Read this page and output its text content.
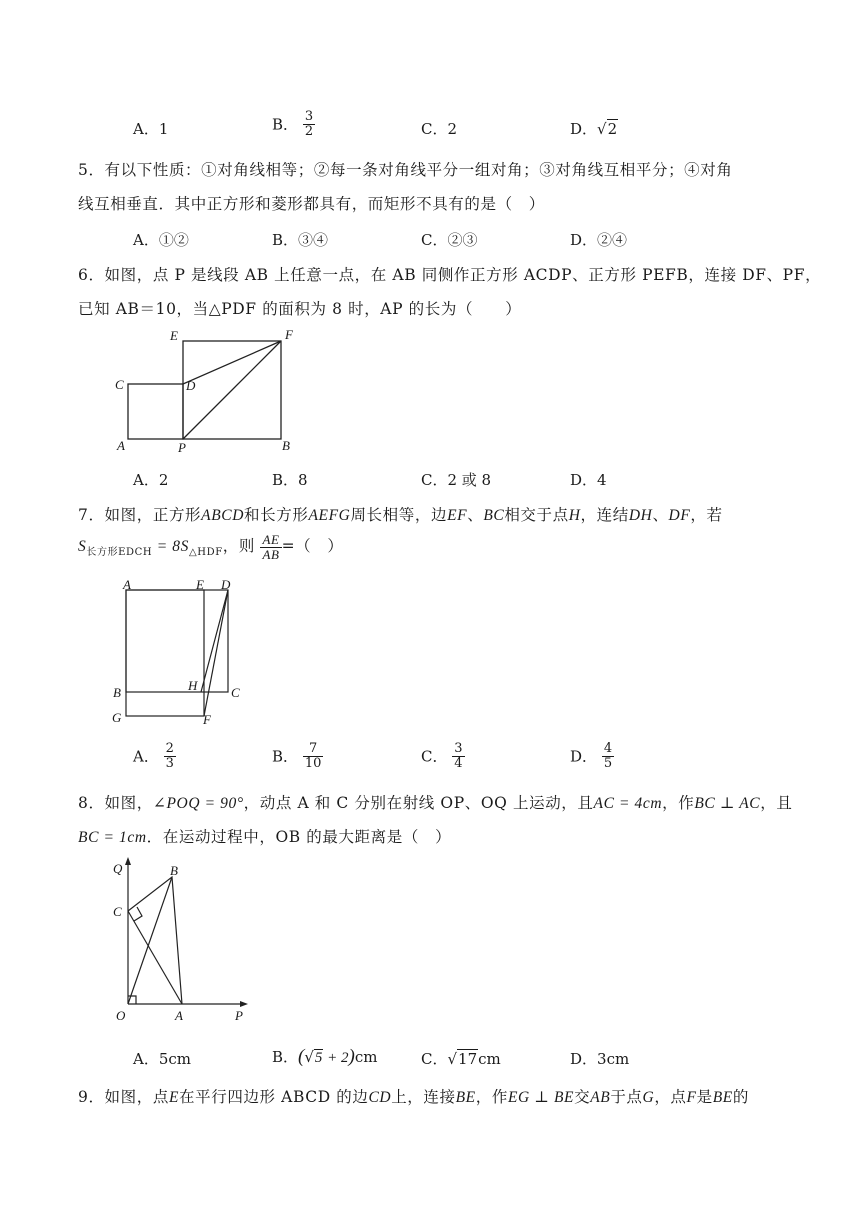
A．1	B． $\frac{3}{2}$	C．2	D．√2
5．有以下性质：①对角线相等；②每一条对角线平分一组对角；③对角线互相平分；④对角
线互相垂直．其中正方形和菱形都具有，而矩形不具有的是（　）
A．①②	B．③④	C．②③	D．②④
6．如图，点 P 是线段 AB 上任意一点，在 AB 同侧作正方形 ACDP、正方形 PEFB，连接 DF、PF，
已知 AB＝10，当△PDF 的面积为 8 时，AP 的长为（　　）
E	F
C	D
A	P	B
A．2	B．8	C．2 或 8	D．4
7．如图，正方形ABCD和长方形AEFG周长相等，边EF、BC相交于点H，连结DH、DF，若
$S_{长方形EDCH} = 8S_{\triangle HDF}$，则 $\frac{AE}{AB}$ =（　）
A	E D
B	H	C
G	F
A． $\frac{2}{3}$	B． $\frac{7}{10}$	C． $\frac{3}{4}$	D． $\frac{4}{5}$
8．如图，∠POQ = 90°，动点 A 和 C 分别在射线 OP、OQ 上运动，且AC = 4cm，作BC ⊥ AC，且
BC = 1cm．在运动过程中，OB 的最大距离是（　）
Q	B
C
O	A	P
A．5cm	B．(√5 + 2)cm	C．√17cm	D．3cm
9．如图，点E在平行四边形 ABCD 的边CD上，连接BE，作EG ⊥ BE交AB于点G，点F是BE的
